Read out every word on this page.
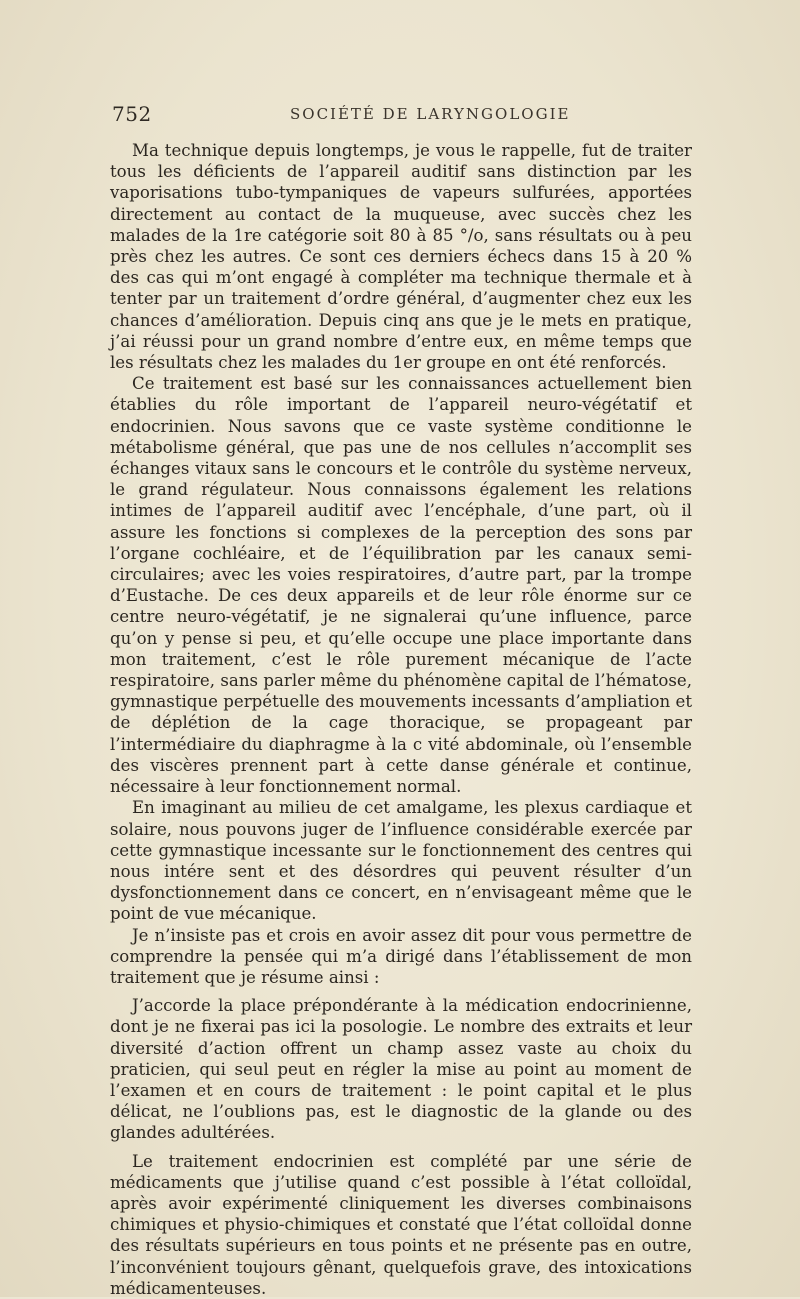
752	SOCIÉTÉ DE LARYNGOLOGIE

Ma technique depuis longtemps, je vous le rappelle, fut de traiter tous les déficients de l’appareil auditif sans distinction par les vaporisations tubo-tympaniques de vapeurs sulfurées, apportées directement au contact de la muqueuse, avec succès chez les malades de la 1re catégorie soit 80 à 85 °/o, sans résultats ou à peu près chez les autres. Ce sont ces derniers échecs dans 15 à 20 % des cas qui m’ont engagé à compléter ma technique thermale et à tenter par un traitement d’ordre général, d’augmenter chez eux les chances d’amélioration. Depuis cinq ans que je le mets en pratique, j’ai réussi pour un grand nombre d’entre eux, en même temps que les résultats chez les malades du 1er groupe en ont été renforcés.

Ce traitement est basé sur les connaissances actuellement bien établies du rôle important de l’appareil neuro-végétatif et endocrinien. Nous savons que ce vaste système conditionne le métabolisme général, que pas une de nos cellules n’accomplit ses échanges vitaux sans le concours et le contrôle du système nerveux, le grand régulateur. Nous connaissons également les relations intimes de l’appareil auditif avec l’encéphale, d’une part, où il assure les fonctions si complexes de la perception des sons par l’organe cochléaire, et de l’équilibration par les canaux semi-circulaires; avec les voies respiratoires, d’autre part, par la trompe d’Eustache. De ces deux appareils et de leur rôle énorme sur ce centre neuro-végétatif, je ne signalerai qu’une influence, parce qu’on y pense si peu, et qu’elle occupe une place importante dans mon traitement, c’est le rôle purement mécanique de l’acte respiratoire, sans parler même du phénomène capital de l’hématose, gymnastique perpétuelle des mouvements incessants d’ampliation et de déplétion de la cage thoracique, se propageant par l’intermédiaire du diaphragme à la c vité abdominale, où l’ensemble des viscères prennent part à cette danse générale et continue, nécessaire à leur fonctionnement normal.

En imaginant au milieu de cet amalgame, les plexus cardiaque et solaire, nous pouvons juger de l’influence considérable exercée par cette gymnastique incessante sur le fonctionnement des centres qui nous intére sent et des désordres qui peuvent résulter d’un dysfonctionnement dans ce concert, en n’envisageant même que le point de vue mécanique.

Je n’insiste pas et crois en avoir assez dit pour vous permettre de comprendre la pensée qui m’a dirigé dans l’établissement de mon traitement que je résume ainsi :

J’accorde la place prépondérante à la médication endocrinienne, dont je ne fixerai pas ici la posologie. Le nombre des extraits et leur diversité d’action offrent un champ assez vaste au choix du praticien, qui seul peut en régler la mise au point au moment de l’examen et en cours de traitement : le point capital et le plus délicat, ne l’oublions pas, est le diagnostic de la glande ou des glandes adultérées.

Le traitement endocrinien est complété par une série de médicaments que j’utilise quand c’est possible à l’état colloïdal, après avoir expérimenté cliniquement les diverses combinaisons chimiques et physio-chimiques et constaté que l’état colloïdal donne des résultats supérieurs en tous points et ne présente pas en outre, l’inconvénient toujours gênant, quelquefois grave, des intoxications médicamenteuses.
